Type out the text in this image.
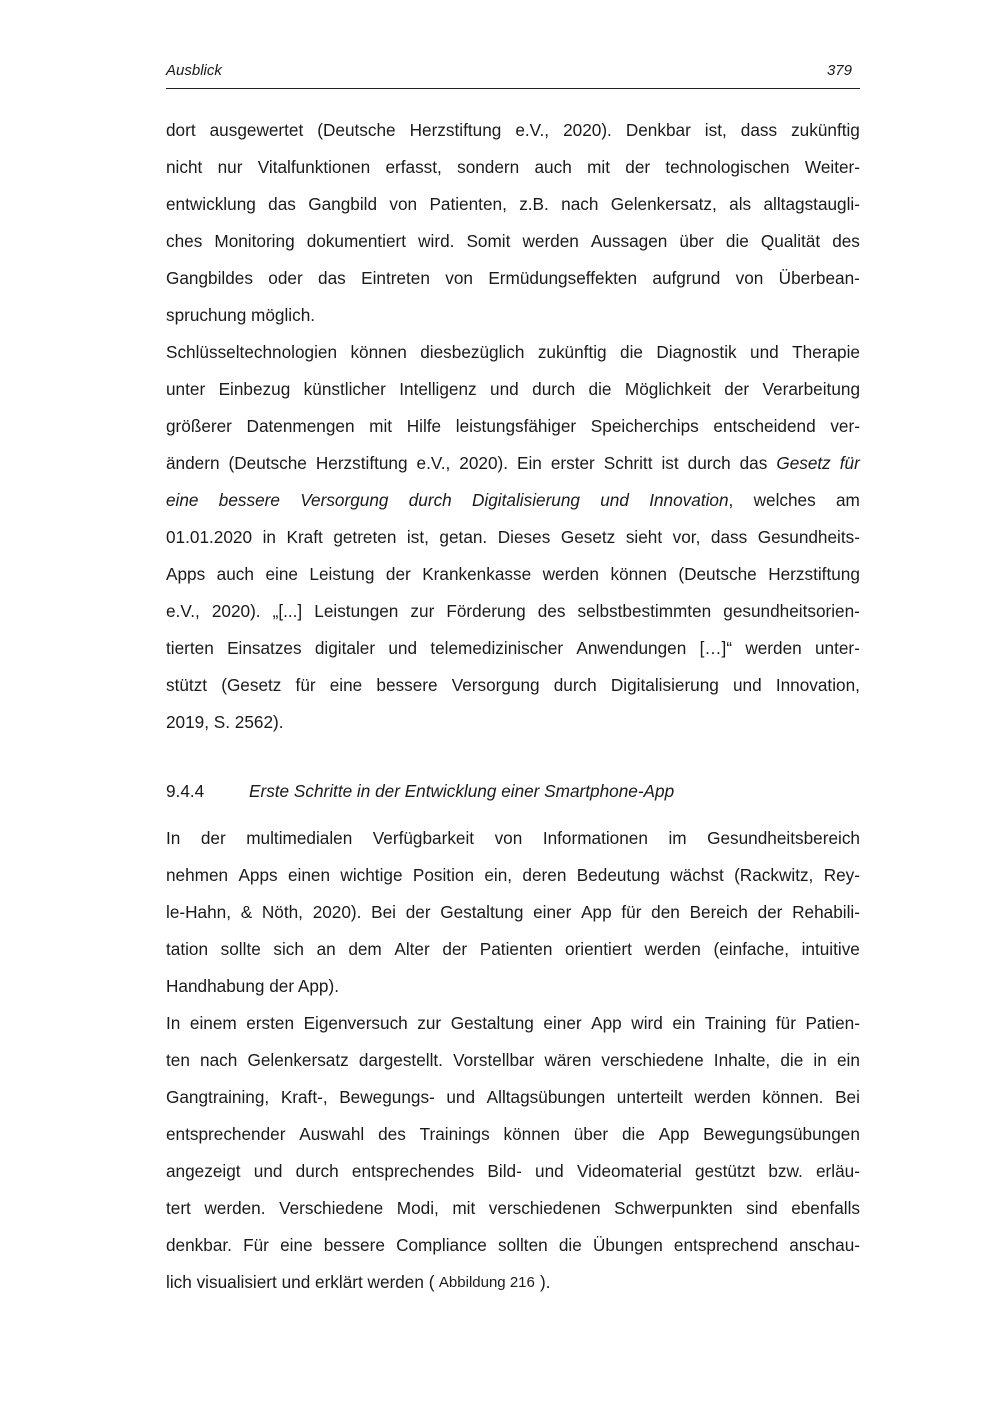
Ausblick	379
dort ausgewertet (Deutsche Herzstiftung e.V., 2020). Denkbar ist, dass zukünftig
nicht nur Vitalfunktionen erfasst, sondern auch mit der technologischen Weiter-
entwicklung das Gangbild von Patienten, z.B. nach Gelenkersatz, als alltagstaugli-
ches Monitoring dokumentiert wird. Somit werden Aussagen über die Qualität des
Gangbildes oder das Eintreten von Ermüdungseffekten aufgrund von Überbean-
spruchung möglich.
Schlüsseltechnologien können diesbezüglich zukünftig die Diagnostik und Therapie
unter Einbezug künstlicher Intelligenz und durch die Möglichkeit der Verarbeitung
größerer Datenmengen mit Hilfe leistungsfähiger Speicherchips entscheidend ver-
ändern (Deutsche Herzstiftung e.V., 2020). Ein erster Schritt ist durch das Gesetz für
eine bessere Versorgung durch Digitalisierung und Innovation, welches am
01.01.2020 in Kraft getreten ist, getan. Dieses Gesetz sieht vor, dass Gesundheits-
Apps auch eine Leistung der Krankenkasse werden können (Deutsche Herzstiftung
e.V., 2020). „[...] Leistungen zur Förderung des selbstbestimmten gesundheitsorien-
tierten Einsatzes digitaler und telemedizinischer Anwendungen […]“ werden unter-
stützt (Gesetz für eine bessere Versorgung durch Digitalisierung und Innovation,
2019, S. 2562).
9.4.4	Erste Schritte in der Entwicklung einer Smartphone-App
In der multimedialen Verfügbarkeit von Informationen im Gesundheitsbereich
nehmen Apps einen wichtige Position ein, deren Bedeutung wächst (Rackwitz, Rey-
le-Hahn, & Nöth, 2020). Bei der Gestaltung einer App für den Bereich der Rehabili-
tation sollte sich an dem Alter der Patienten orientiert werden (einfache, intuitive
Handhabung der App).
In einem ersten Eigenversuch zur Gestaltung einer App wird ein Training für Patien-
ten nach Gelenkersatz dargestellt. Vorstellbar wären verschiedene Inhalte, die in ein
Gangtraining, Kraft-, Bewegungs- und Alltagsübungen unterteilt werden können. Bei
entsprechender Auswahl des Trainings können über die App Bewegungsübungen
angezeigt und durch entsprechendes Bild- und Videomaterial gestützt bzw. erläu-
tert werden. Verschiedene Modi, mit verschiedenen Schwerpunkten sind ebenfalls
denkbar. Für eine bessere Compliance sollten die Übungen entsprechend anschau-
lich visualisiert und erklärt werden ( Abbildung 216 ).
